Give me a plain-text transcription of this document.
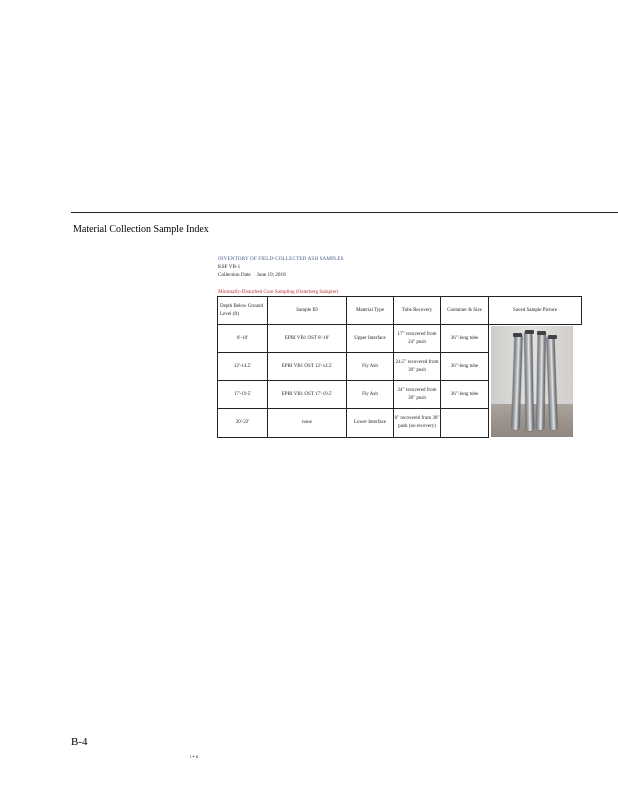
Material Collection Sample Index
INVENTORY OF FIELD-COLLECTED ASH SAMPLES
KSF VB-1
Collection Date June 19, 2018
Minimally-Disturbed Core Sampling (Osterberg Sampler)
Depth Below Ground Level (ft)	Sample ID	Material Type	Tube Recovery	Container & Size	Saved Sample Picture
8'-10'	EPRI VB1 OST 8'-10'	Upper Interface	17" recovered from 24" push	36"-long tube	

12'-14.5'	EPRI VB1 OST 12'-14.5'	Fly Ash	24.5" recovered from 30" push	36"-long tube	
17'-19.5'	EPRI VB1 OST 17'-19.5'	Fly Ash	24" recovered from 30" push	36"-long tube	
20'-22'	none	Lower Interface	0" recovered from 30" push (no recovery)		
B-4
ı ▪ ıı
